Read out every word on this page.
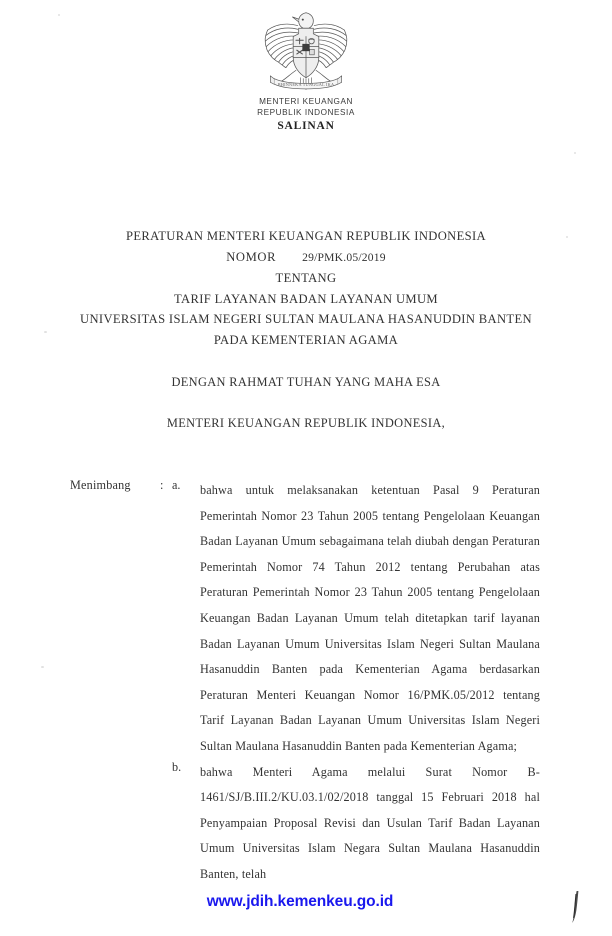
BHINNEKA TUNGGAL IKA
MENTERI KEUANGAN
REPUBLIK INDONESIA
SALINAN
PERATURAN MENTERI KEUANGAN REPUBLIK INDONESIA
NOMOR 29/PMK.05/2019
TENTANG
TARIF LAYANAN BADAN LAYANAN UMUM
UNIVERSITAS ISLAM NEGERI SULTAN MAULANA HASANUDDIN BANTEN
PADA KEMENTERIAN AGAMA
DENGAN RAHMAT TUHAN YANG MAHA ESA
MENTERI KEUANGAN REPUBLIK INDONESIA,
Menimbang : a. bahwa untuk melaksanakan ketentuan Pasal 9 Peraturan Pemerintah Nomor 23 Tahun 2005 tentang Pengelolaan Keuangan Badan Layanan Umum sebagaimana telah diubah dengan Peraturan Pemerintah Nomor 74 Tahun 2012 tentang Perubahan atas Peraturan Pemerintah Nomor 23 Tahun 2005 tentang Pengelolaan Keuangan Badan Layanan Umum telah ditetapkan tarif layanan Badan Layanan Umum Universitas Islam Negeri Sultan Maulana Hasanuddin Banten pada Kementerian Agama berdasarkan Peraturan Menteri Keuangan Nomor 16/PMK.05/2012 tentang Tarif Layanan Badan Layanan Umum Universitas Islam Negeri Sultan Maulana Hasanuddin Banten pada Kementerian Agama;
b. bahwa Menteri Agama melalui Surat Nomor B-1461/SJ/B.III.2/KU.03.1/02/2018 tanggal 15 Februari 2018 hal Penyampaian Proposal Revisi dan Usulan Tarif Badan Layanan Umum Universitas Islam Negara Sultan Maulana Hasanuddin Banten, telah
www.jdih.kemenkeu.go.id
